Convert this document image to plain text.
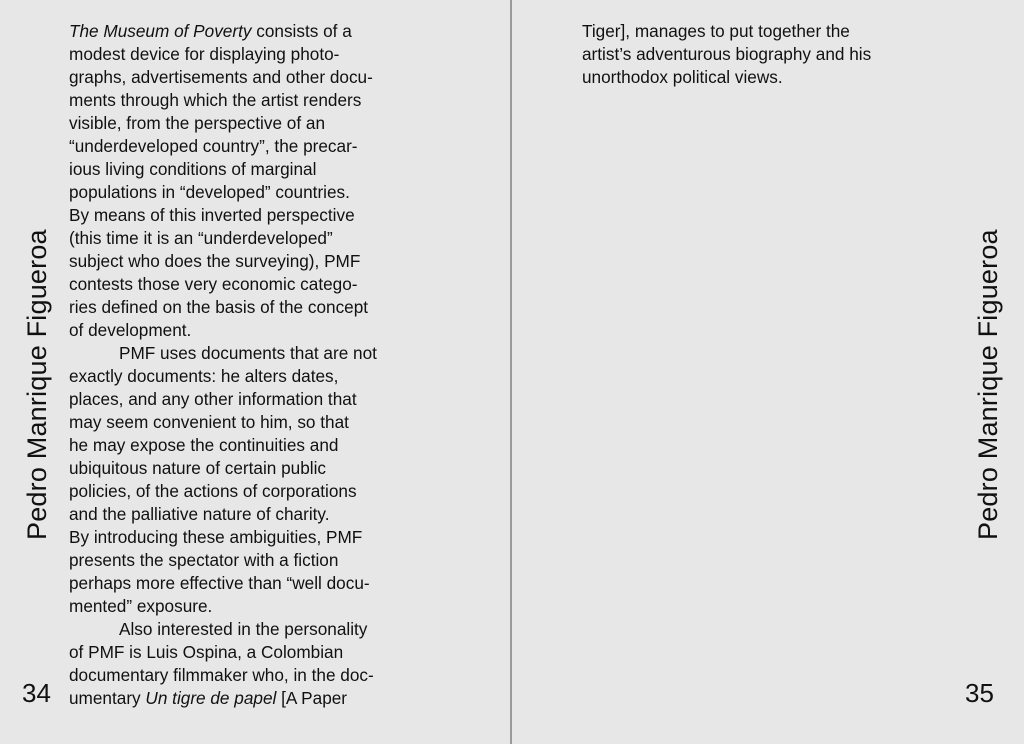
Pedro Manrique Figueroa
34
The Museum of Poverty consists of a
modest device for displaying photo-
graphs, advertisements and other docu-
ments through which the artist renders
visible, from the perspective of an
“underdeveloped country”, the precar-
ious living conditions of marginal
populations in “developed” countries.
By means of this inverted perspective
(this time it is an “underdeveloped”
subject who does the surveying), PMF
contests those very economic catego-
ries defined on the basis of the concept
of development.
PMF uses documents that are not
exactly documents: he alters dates,
places, and any other information that
may seem convenient to him, so that
he may expose the continuities and
ubiquitous nature of certain public
policies, of the actions of corporations
and the palliative nature of charity.
By introducing these ambiguities, PMF
presents the spectator with a fiction
perhaps more effective than “well docu-
mented” exposure.
Also interested in the personality
of PMF is Luis Ospina, a Colombian
documentary filmmaker who, in the doc-
umentary Un tigre de papel [A Paper
Pedro Manrique Figueroa
35
Tiger], manages to put together the
artist’s adventurous biography and his
unorthodox political views.
